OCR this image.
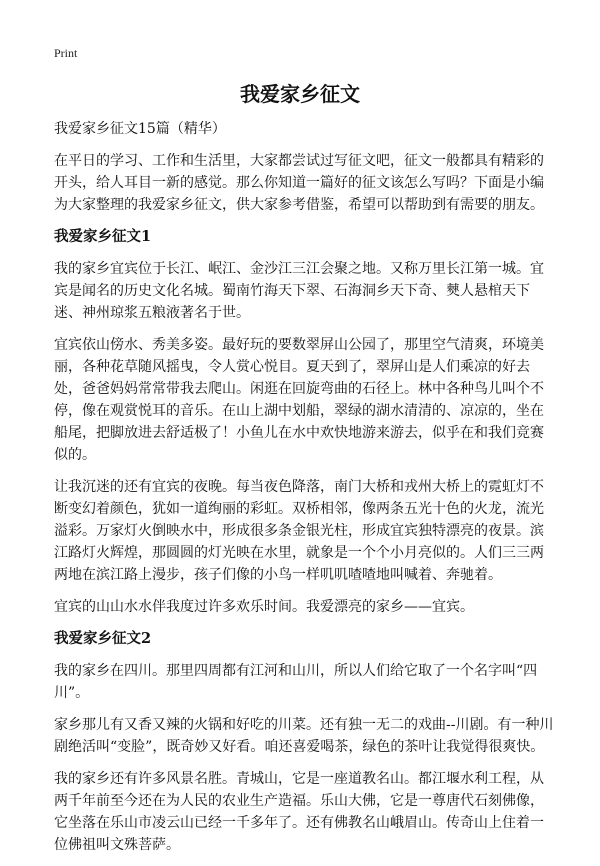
Print
我爱家乡征文

我爱家乡征文15篇（精华）

在平日的学习、工作和生活里，大家都尝试过写征文吧，征文一般都具有精彩的开头，给人耳目一新的感觉。那么你知道一篇好的征文该怎么写吗？下面是小编为大家整理的我爱家乡征文，供大家参考借鉴，希望可以帮助到有需要的朋友。

我爱家乡征文1

我的家乡宜宾位于长江、岷江、金沙江三江会聚之地。又称万里长江第一城。宜宾是闻名的历史文化名城。蜀南竹海天下翠、石海洞乡天下奇、僰人悬棺天下迷、神州琼浆五粮液著名于世。

宜宾依山傍水、秀美多姿。最好玩的要数翠屏山公园了，那里空气清爽，环境美丽，各种花草随风摇曳，令人赏心悦目。夏天到了，翠屏山是人们乘凉的好去处，爸爸妈妈常常带我去爬山。闲逛在回旋弯曲的石径上。林中各种鸟儿叫个不停，像在观赏悦耳的音乐。在山上湖中划船，翠绿的湖水清清的、凉凉的，坐在船尾，把脚放进去舒适极了！小鱼儿在水中欢快地游来游去，似乎在和我们竞赛似的。

让我沉迷的还有宜宾的夜晚。每当夜色降落，南门大桥和戎州大桥上的霓虹灯不断变幻着颜色，犹如一道绚丽的彩虹。双桥相邻，像两条五光十色的火龙，流光溢彩。万家灯火倒映水中，形成很多条金银光柱，形成宜宾独特漂亮的夜景。滨江路灯火辉煌，那圆圆的灯光映在水里，就象是一个个小月亮似的。人们三三两两地在滨江路上漫步，孩子们像的小鸟一样叽叽喳喳地叫喊着、奔驰着。

宜宾的山山水水伴我度过许多欢乐时间。我爱漂亮的家乡——宜宾。

我爱家乡征文2

我的家乡在四川。那里四周都有江河和山川，所以人们给它取了一个名字叫“四川”。

家乡那儿有又香又辣的火锅和好吃的川菜。还有独一无二的戏曲--川剧。有一种川剧绝活叫“变脸”，既奇妙又好看。咱还喜爱喝茶，绿色的茶叶让我觉得很爽快。

我的家乡还有许多风景名胜。青城山，它是一座道教名山。都江堰水利工程，从两千年前至今还在为人民的农业生产造福。乐山大佛，它是一尊唐代石刻佛像，它坐落在乐山市凌云山已经一千多年了。还有佛教名山峨眉山。传奇山上住着一位佛祖叫文殊菩萨。
